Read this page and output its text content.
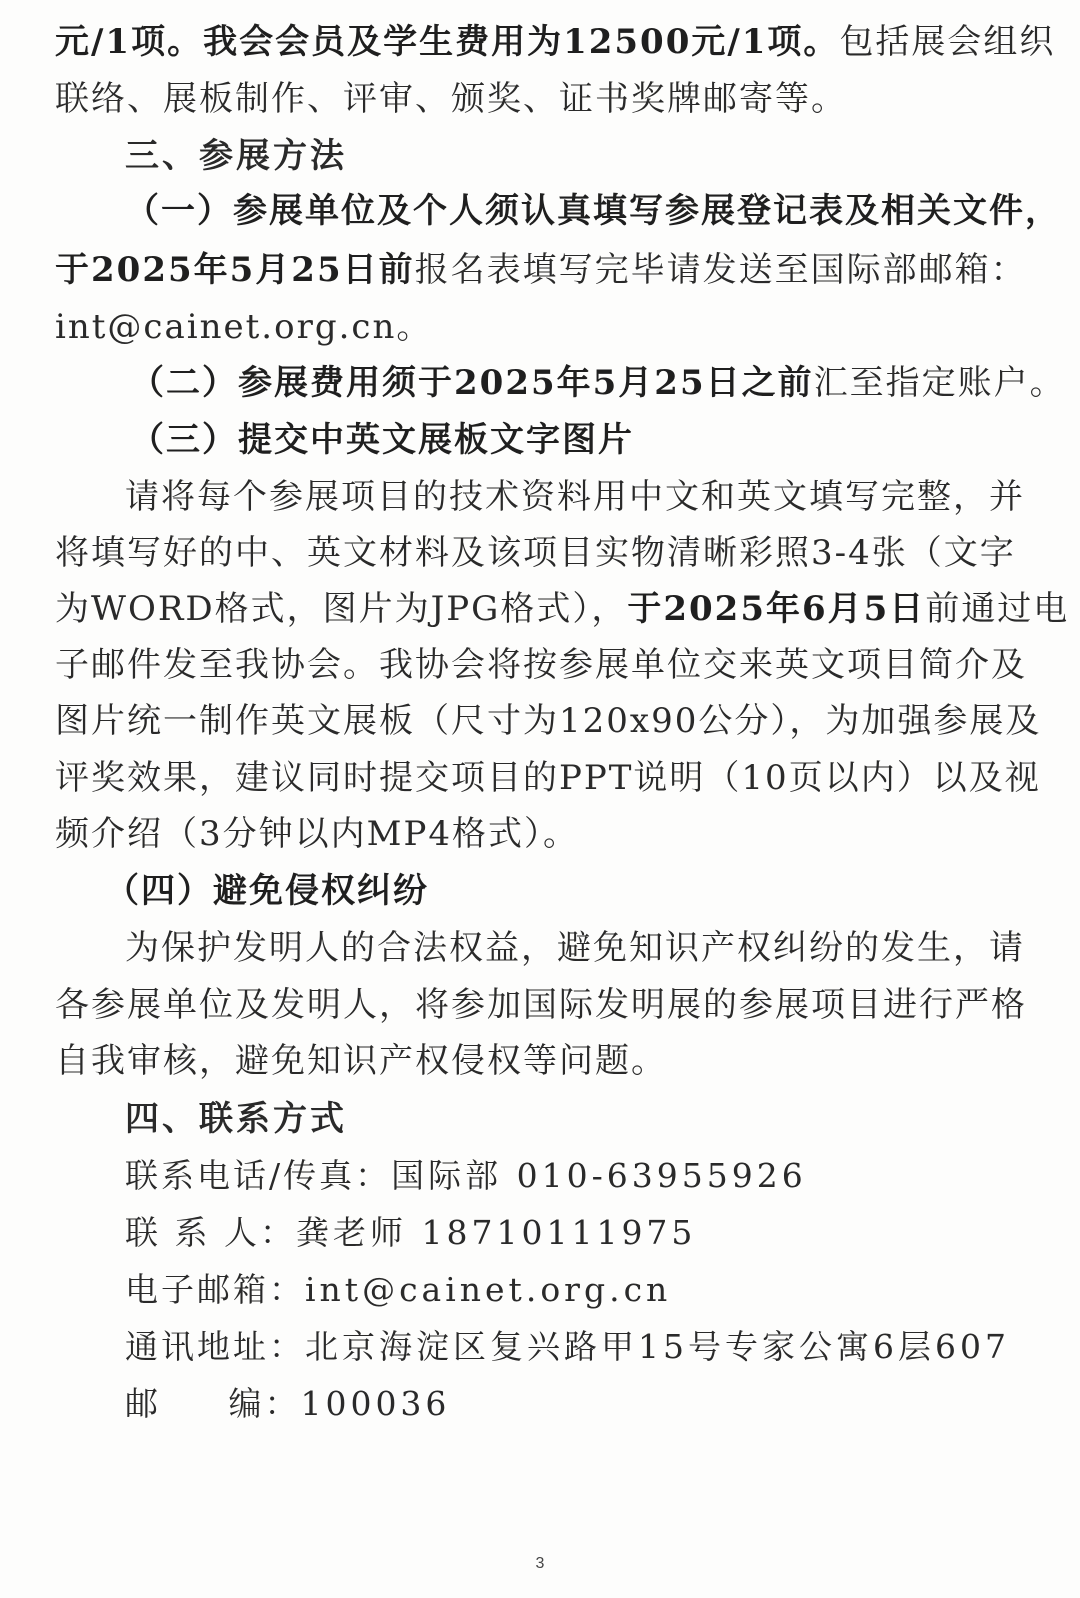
元/1项。我会会员及学生费用为12500元/1项。包括展会组织
联络、展板制作、评审、颁奖、证书奖牌邮寄等。
三、参展方法
（一）参展单位及个人须认真填写参展登记表及相关文件，
于2025年5月25日前报名表填写完毕请发送至国际部邮箱：
int@cainet.org.cn。
（二）参展费用须于2025年5月25日之前汇至指定账户。
（三）提交中英文展板文字图片
请将每个参展项目的技术资料用中文和英文填写完整，并
将填写好的中、英文材料及该项目实物清晰彩照3-4张（文字
为WORD格式，图片为JPG格式），于2025年6月5日前通过电
子邮件发至我协会。我协会将按参展单位交来英文项目简介及
图片统一制作英文展板（尺寸为120x90公分），为加强参展及
评奖效果，建议同时提交项目的PPT说明（10页以内）以及视
频介绍（3分钟以内MP4格式）。
（四）避免侵权纠纷
为保护发明人的合法权益，避免知识产权纠纷的发生，请
各参展单位及发明人，将参加国际发明展的参展项目进行严格
自我审核，避免知识产权侵权等问题。
四、联系方式
联系电话/传真：国际部 010-63955926
联 系 人：龚老师 18710111975
电子邮箱：int@cainet.org.cn
通讯地址：北京海淀区复兴路甲15号专家公寓6层607
邮     编：100036
3
